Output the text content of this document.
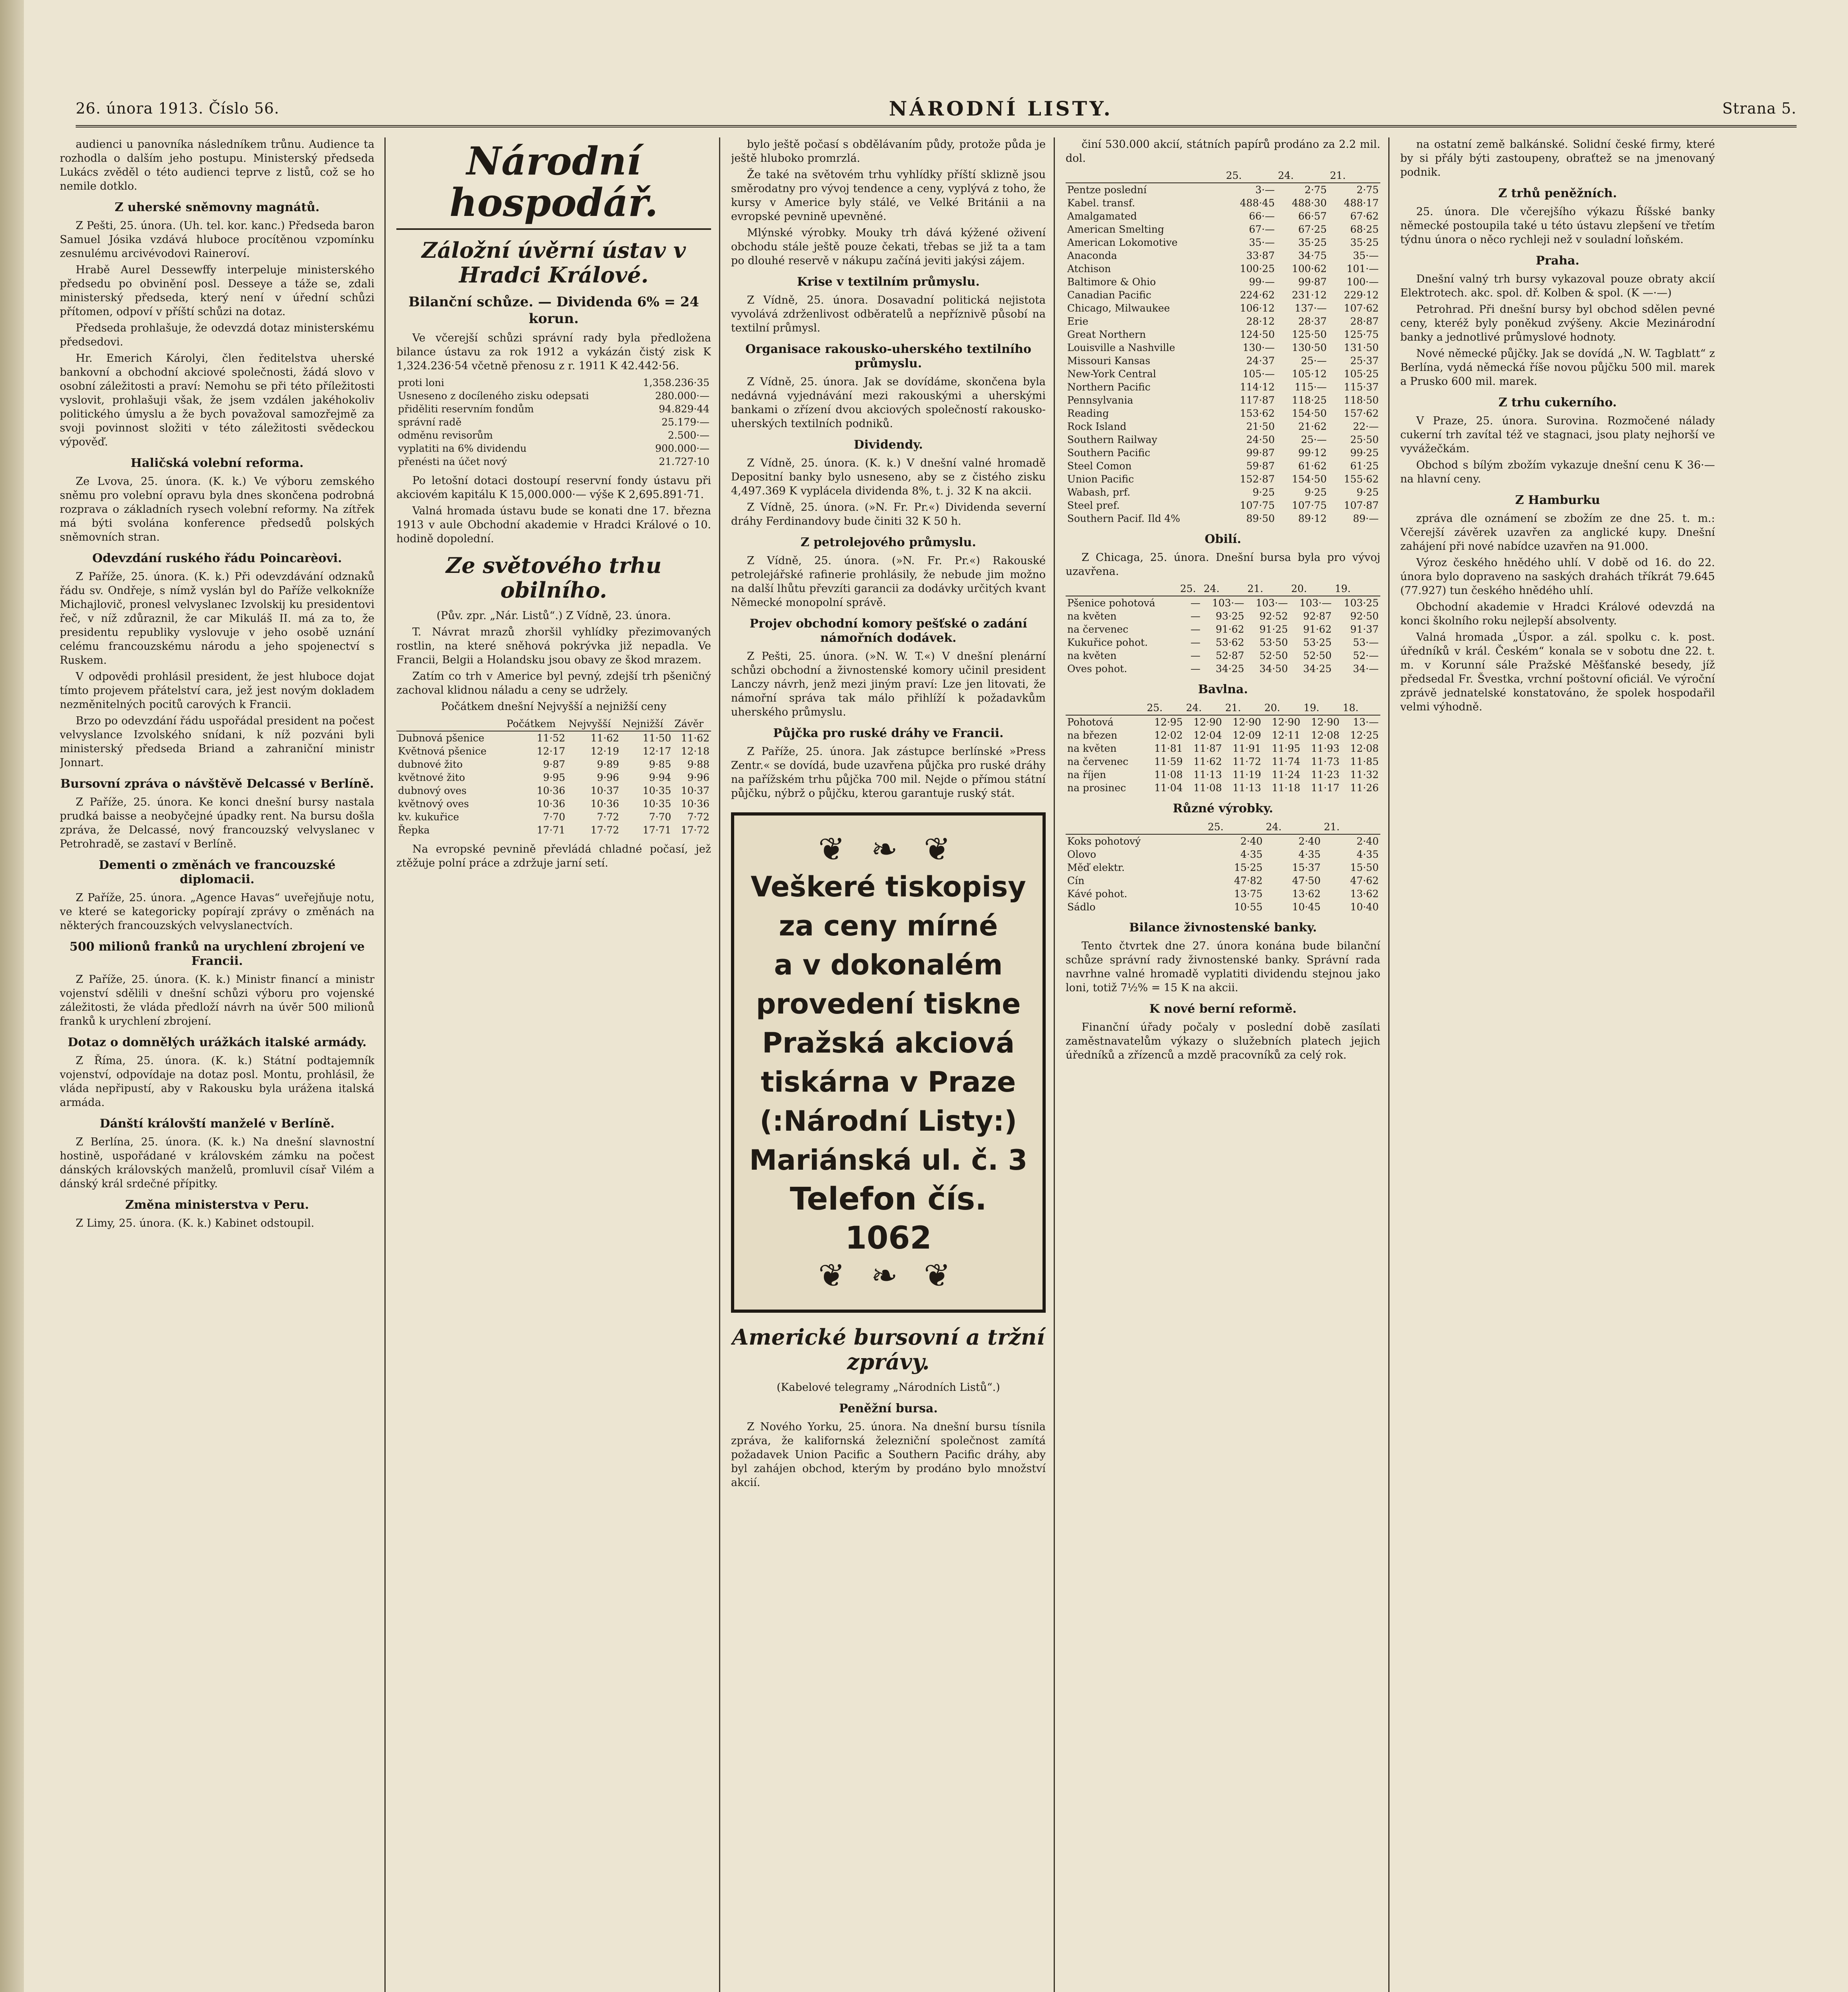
26. února 1913. Číslo 56.	NÁRODNÍ LISTY.	Strana 5.

audienci u panovníka následníkem trůnu. Audience ta rozhodla o dalším jeho postupu. Ministerský předseda Lukács zvěděl o této audienci teprve z listů, což se ho nemile dotklo.

Z uherské sněmovny magnátů.

Z Pešti, 25. února. (Uh. tel. kor. kanc.) Předseda baron Samuel Jósika vzdává hluboce procítěnou vzpomínku zesnulému arcivévodovi Raineroví.

Hrabě Aurel Dessewffy interpeluje ministerského předsedu po obvinění posl. Desseye a táže se, zdali ministerský předseda, který není v úřední schůzi přítomen, odpoví v příští schůzi na dotaz.

Předseda prohlašuje, že odevzdá dotaz ministerskému předsedovi.

Hr. Emerich Károlyi, člen ředitelstva uherské bankovní a obchodní akciové společnosti, žádá slovo v osobní záležitosti a praví: Nemohu se při této příležitosti vyslovit, prohlašuji však, že jsem vzdálen jakéhokoliv politického úmyslu a že bych považoval samozřejmě za svoji povinnost složiti v této záležitosti svědeckou výpověď.

Haličská volební reforma.

Ze Lvova, 25. února. (K. k.) Ve výboru zemského sněmu pro volební opravu byla dnes skončena podrobná rozprava o základních rysech volební reformy. Na zítřek má býti svolána konference předsedů polských sněmovních stran.

Odevzdání ruského řádu Poincarèovi.

Z Paříže, 25. února. (K. k.) Při odevzdávání odznaků řádu sv. Ondřeje, s nímž vyslán byl do Paříže velkokníže Michajlovič, pronesl velvyslanec Izvolskij ku presidentovi řeč, v níž zdůraznil, že car Mikuláš II. má za to, že presidentu republiky vyslovuje v jeho osobě uznání celému francouzskému národu a jeho spojenectví s Ruskem.

V odpovědi prohlásil president, že jest hluboce dojat tímto projevem přátelství cara, jež jest novým dokladem nezměnitelných pocitů carových k Francii.

Brzo po odevzdání řádu uspořádal president na počest velvyslance Izvolského snídani, k níž pozváni byli ministerský předseda Briand a zahraniční ministr Jonnart.

Bursovní zpráva o návštěvě Delcassé v Berlíně.

Z Paříže, 25. února. Ke konci dnešní bursy nastala prudká baisse a neobyčejné úpadky rent. Na bursu došla zpráva, že Delcassé, nový francouzský velvyslanec v Petrohradě, se zastaví v Berlíně.

Dementi o změnách ve francouzské diplomacii.

Z Paříže, 25. února. „Agence Havas“ uveřejňuje notu, ve které se kategoricky popírají zprávy o změnách na některých francouzských velvyslanectvích.

500 milionů franků na urychlení zbrojení ve Francii.

Z Paříže, 25. února. (K. k.) Ministr financí a ministr vojenství sdělili v dnešní schůzi výboru pro vojenské záležitosti, že vláda předloží návrh na úvěr 500 milionů franků k urychlení zbrojení.

Dotaz o domnělých urážkách italské armády.

Z Říma, 25. února. (K. k.) Státní podtajemník vojenství, odpovídaje na dotaz posl. Montu, prohlásil, že vláda nepřipustí, aby v Rakousku byla urážena italská armáda.

Dánští královští manželé v Berlíně.

Z Berlína, 25. února. (K. k.) Na dnešní slavnostní hostině, uspořádané v královském zámku na počest dánských královských manželů, promluvil císař Vilém a dánský král srdečné přípitky.

Změna ministerstva v Peru.

Z Limy, 25. února. (K. k.) Kabinet odstoupil.

Národní hospodář.
Záložní úvěrní ústav v Hradci Králové.
Bilanční schůze. — Dividenda 6% = 24 korun.

Ve včerejší schůzi správní rady byla předložena bilance ústavu za rok 1912 a vykázán čistý zisk K 1,324.236·54 včetně přenosu z r. 1911 K 42.442·56.

proti loni	1,358.236·35
Usneseno z docíleného zisku odepsati	280.000·—
přiděliti reservním fondům	94.829·44
správní radě	25.179·—
odměnu revisorům	2.500·—
vyplatiti na 6% dividendu	900.000·—
přenésti na účet nový	21.727·10

Po letošní dotaci dostoupí reservní fondy ústavu při akciovém kapitálu K 15,000.000·— výše K 2,695.891·71.

Valná hromada ústavu bude se konati dne 17. března 1913 v aule Obchodní akademie v Hradci Králové o 10. hodině dopolední.

Ze světového trhu obilního.

(Pův. zpr. „Nár. Listů“.) Z Vídně, 23. února.

T. Návrat mrazů zhoršil vyhlídky přezimovaných rostlin, na které sněhová pokrývka již nepadla. Ve Francii, Belgii a Holandsku jsou obavy ze škod mrazem.

Zatím co trh v Americe byl pevný, zdejší trh pšeničný zachoval klidnou náladu a ceny se udržely.

Počátkem dnešní Nejvyšší a nejnižší ceny

	Počátkem	Nejvyšší	Nejnižší	Závěr
Dubnová pšenice	11·52	11·62	11·50	11·62
Květnová pšenice	12·17	12·19	12·17	12·18
dubnové žito	9·87	9·89	9·85	9·88
květnové žito	9·95	9·96	9·94	9·96
dubnový oves	10·36	10·37	10·35	10·37
květnový oves	10·36	10·36	10·35	10·36
kv. kukuřice	7·70	7·72	7·70	7·72
Řepka	17·71	17·72	17·71	17·72

Na evropské pevnině převládá chladné počasí, jež ztěžuje polní práce a zdržuje jarní setí.

bylo ještě počasí s obdělávaním půdy, protože půda je ještě hluboko promrzlá.

Že také na světovém trhu vyhlídky příští sklizně jsou směrodatny pro vývoj tendence a ceny, vyplývá z toho, že kursy v Americe byly stálé, ve Velké Británii a na evropské pevnině upevněné.

Mlýnské výrobky. Mouky trh dává kýžené oživení obchodu stále ještě pouze čekati, třebas se již ta a tam po dlouhé reservě v nákupu začíná jeviti jakýsi zájem.

Krise v textilním průmyslu.

Z Vídně, 25. února. Dosavadní politická nejistota vyvolává zdrženlivost odběratelů a nepříznivě působí na textilní průmysl.

Organisace rakousko-uherského textilního průmyslu.

Z Vídně, 25. února. Jak se dovídáme, skončena byla nedávná vyjednávání mezi rakouskými a uherskými bankami o zřízení dvou akciových společností rakousko-uherských textilních podniků.

Dividendy.

Z Vídně, 25. února. (K. k.) V dnešní valné hromadě Depositní banky bylo usneseno, aby se z čistého zisku 4,497.369 K vyplácela dividenda 8%, t. j. 32 K na akcii.

Z Vídně, 25. února. (»N. Fr. Pr.«) Dividenda severní dráhy Ferdinandovy bude činiti 32 K 50 h.

Z petrolejového průmyslu.

Z Vídně, 25. února. (»N. Fr. Pr.«) Rakouské petrolejářské rafinerie prohlásily, že nebude jim možno na další lhůtu převzíti garancii za dodávky určitých kvant Německé monopolní správě.

Projev obchodní komory pešťské o zadání námořních dodávek.

Z Pešti, 25. února. (»N. W. T.«) V dnešní plenární schůzi obchodní a živnostenské komory učinil president Lanczy návrh, jenž mezi jiným praví: Lze jen litovati, že námořní správa tak málo přihlíží k požadavkům uherského průmyslu.

Půjčka pro ruské dráhy ve Francii.

Z Paříže, 25. února. Jak zástupce berlínské »Press Zentr.« se dovídá, bude uzavřena půjčka pro ruské dráhy na pařížském trhu půjčka 700 mil. Nejde o přímou státní půjčku, nýbrž o půjčku, kterou garantuje ruský stát.

❦ ❧ ❦
Veškeré tiskopisy
za ceny mírné
a v dokonalém
provedení tiskne
Pražská akciová
tiskárna v Praze
(:Národní Listy:)
Mariánská ul. č. 3
Telefon čís. 1062
❦ ❧ ❦
Americké bursovní a tržní zprávy.

(Kabelové telegramy „Národních Listů“.)

Peněžní bursa.

Z Nového Yorku, 25. února. Na dnešní bursu tísnila zpráva, že kalifornská železniční společnost zamítá požadavek Union Pacific a Southern Pacific dráhy, aby byl zahájen obchod, kterým by prodáno bylo množství akcií.

činí 530.000 akcií, státních papírů prodáno za 2.2 mil. dol.

	25.	24.	21.
Pentze poslední	3·—	2·75	2·75
Kabel. transf.	488·45	488·30	488·17
Amalgamated	66·—	66·57	67·62
American Smelting	67·—	67·25	68·25
American Lokomotive	35·—	35·25	35·25
Anaconda	33·87	34·75	35·—
Atchison	100·25	100·62	101·—
Baltimore & Ohio	99·—	99·87	100·—
Canadian Pacific	224·62	231·12	229·12
Chicago, Milwaukee	106·12	137·—	107·62
Erie	28·12	28·37	28·87
Great Northern	124·50	125·50	125·75
Louisville a Nashville	130·—	130·50	131·50
Missouri Kansas	24·37	25·—	25·37
New-York Central	105·—	105·12	105·25
Northern Pacific	114·12	115·—	115·37
Pennsylvania	117·87	118·25	118·50
Reading	153·62	154·50	157·62
Rock Island	21·50	21·62	22·—
Southern Railway	24·50	25·—	25·50
Southern Pacific	99·87	99·12	99·25
Steel Comon	59·87	61·62	61·25
Union Pacific	152·87	154·50	155·62
Wabash, prf.	9·25	9·25	9·25
Steel pref.	107·75	107·75	107·87
Southern Pacif. Ild 4%	89·50	89·12	89·—
Obilí.

Z Chicaga, 25. února. Dnešní bursa byla pro vývoj uzavřena.

	25.	24.	21.	20.	19.
Pšenice pohotová	—	103·—	103·—	103·—	103·25
na květen	—	93·25	92·52	92·87	92·50
na červenec	—	91·62	91·25	91·62	91·37
Kukuřice pohot.	—	53·62	53·50	53·25	53·—
na květen	—	52·87	52·50	52·50	52·—
Oves pohot.	—	34·25	34·50	34·25	34·—
Bavlna.
	25.	24.	21.	20.	19.	18.
Pohotová	12·95	12·90	12·90	12·90	12·90	13·—
na březen	12·02	12·04	12·09	12·11	12·08	12·25
na květen	11·81	11·87	11·91	11·95	11·93	12·08
na červenec	11·59	11·62	11·72	11·74	11·73	11·85
na říjen	11·08	11·13	11·19	11·24	11·23	11·32
na prosinec	11·04	11·08	11·13	11·18	11·17	11·26
Různé výrobky.
	25.	24.	21.
Koks pohotový	2·40	2·40	2·40
Olovo	4·35	4·35	4·35
Měď elektr.	15·25	15·37	15·50
Cín	47·82	47·50	47·62
Kávé pohot.	13·75	13·62	13·62
Sádlo	10·55	10·45	10·40
Bilance živnostenské banky.

Tento čtvrtek dne 27. února konána bude bilanční schůze správní rady živnostenské banky. Správní rada navrhne valné hromadě vyplatiti dividendu stejnou jako loni, totiž 7½% = 15 K na akcii.

K nové berní reformě.

Finanční úřady počaly v poslední době zasílati zaměstnavatelům výkazy o služebních platech jejich úředníků a zřízenců a mzdě pracovníků za celý rok.

na ostatní země balkánské. Solidní české firmy, které by si přály býti zastoupeny, obraťtež se na jmenovaný podnik.

Z trhů peněžních.

25. února. Dle včerejšího výkazu Říšské banky německé postoupila také u této ústavu zlepšení ve třetím týdnu února o něco rychleji než v souladní loňském.

Praha.

Dnešní valný trh bursy vykazoval pouze obraty akcií Elektrotech. akc. spol. dř. Kolben & spol. (K —·—)

Petrohrad. Při dnešní bursy byl obchod sdělen pevné ceny, kteréž byly poněkud zvýšeny. Akcie Mezinárodní banky a jednotlivé průmyslové hodnoty.

Nové německé půjčky. Jak se dovídá „N. W. Tagblatt“ z Berlína, vydá německá říše novou půjčku 500 mil. marek a Prusko 600 mil. marek.

Z trhu cukerního.

V Praze, 25. února. Surovina. Rozmočené nálady cukerní trh zavítal též ve stagnaci, jsou platy nejhorší ve vyvážečkám.

Obchod s bílým zbožím vykazuje dnešní cenu K 36·— na hlavní ceny.

Z Hamburku

zpráva dle oznámení se zbožím ze dne 25. t. m.: Včerejší závěrek uzavřen za anglické kupy. Dnešní zahájení při nové nabídce uzavřen na 91.000.

Výroz českého hnědého uhlí. V době od 16. do 22. února bylo dopraveno na saských drahách tříkrát 79.645 (77.927) tun českého hnědého uhlí.

Obchodní akademie v Hradci Králové odevzdá na konci školního roku nejlepší absolventy.

Valná hromada „Úspor. a zál. spolku c. k. post. úředníků v král. Českém“ konala se v sobotu dne 22. t. m. v Korunní sále Pražské Měšťanské besedy, jíž předsedal Fr. Švestka, vrchní poštovní oficiál. Ve výroční zprávě jednatelské konstatováno, že spolek hospodařil velmi výhodně.
